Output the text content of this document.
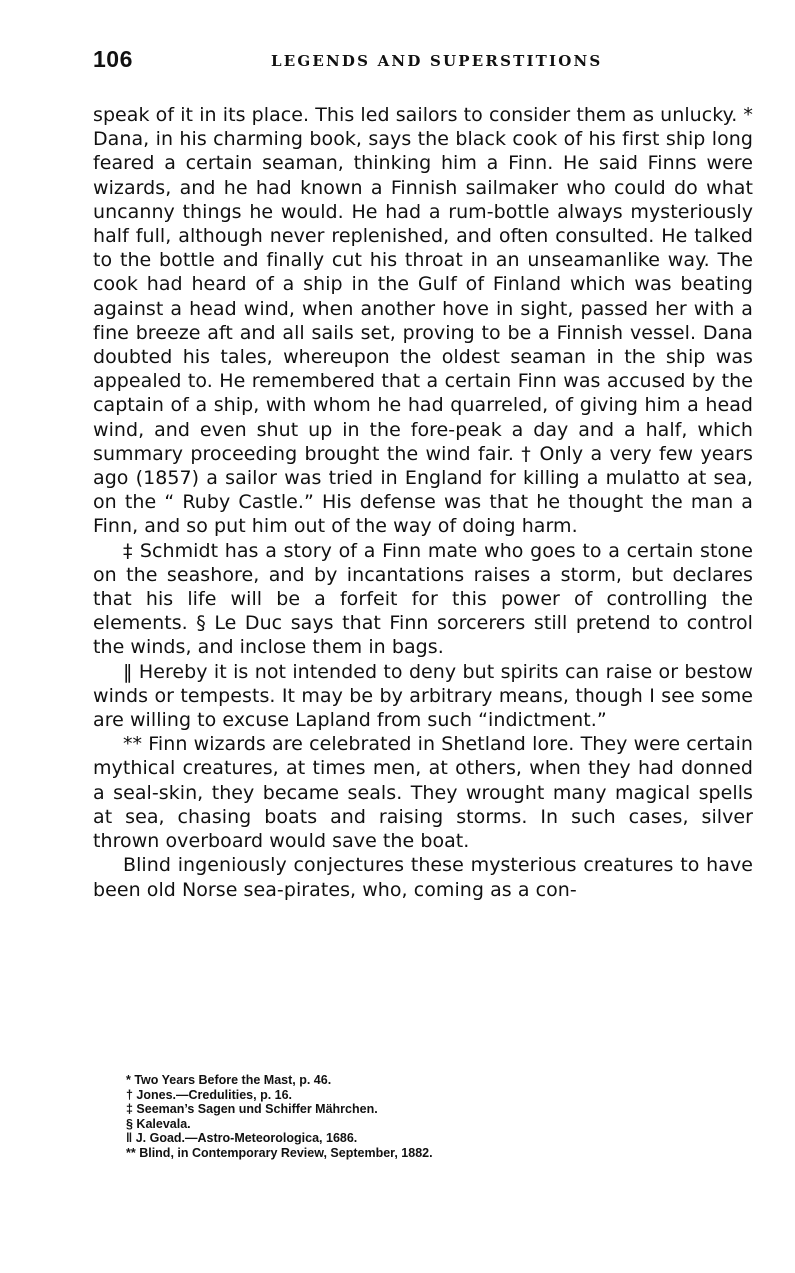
106	LEGENDS AND SUPERSTITIONS

speak of it in its place. This led sailors to consider them as unlucky. * Dana, in his charming book, says the black cook of his first ship long feared a certain seaman, thinking him a Finn. He said Finns were wizards, and he had known a Finnish sailmaker who could do what uncanny things he would. He had a rum-bottle always mysteriously half full, although never replenished, and often consulted. He talked to the bottle and finally cut his throat in an unseamanlike way. The cook had heard of a ship in the Gulf of Finland which was beating against a head wind, when another hove in sight, passed her with a fine breeze aft and all sails set, proving to be a Finnish vessel. Dana doubted his tales, whereupon the oldest seaman in the ship was appealed to. He remembered that a certain Finn was accused by the captain of a ship, with whom he had quarreled, of giving him a head wind, and even shut up in the fore-peak a day and a half, which summary proceeding brought the wind fair. † Only a very few years ago (1857) a sailor was tried in England for killing a mulatto at sea, on the “ Ruby Castle.” His defense was that he thought the man a Finn, and so put him out of the way of doing harm.

‡ Schmidt has a story of a Finn mate who goes to a certain stone on the seashore, and by incantations raises a storm, but declares that his life will be a forfeit for this power of controlling the elements. § Le Duc says that Finn sorcerers still pretend to control the winds, and inclose them in bags.

‖ Hereby it is not intended to deny but spirits can raise or bestow winds or tempests. It may be by arbitrary means, though I see some are willing to excuse Lapland from such “indictment.”

** Finn wizards are celebrated in Shetland lore. They were certain mythical creatures, at times men, at others, when they had donned a seal-skin, they became seals. They wrought many magical spells at sea, chasing boats and raising storms. In such cases, silver thrown overboard would save the boat.

Blind ingeniously conjectures these mysterious creatures to have been old Norse sea-pirates, who, coming as a con-

* Two Years Before the Mast, p. 46.
† Jones.—Credulities, p. 16.
‡ Seeman’s Sagen und Schiffer Mährchen.
§ Kalevala.
‖ J. Goad.—Astro-Meteorologica, 1686.
** Blind, in Contemporary Review, September, 1882.
